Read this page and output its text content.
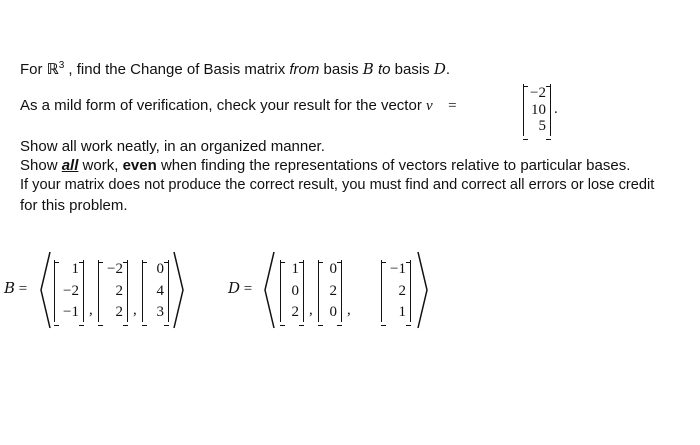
For ℝ$^3$ , find the Change of Basis matrix from basis B to basis D.
As a mild form of verification, check your result for the vector v⃗ =
−2
10
5
.
Show all work neatly, in an organized manner.
Show all work, even when finding the representations of vectors relative to particular bases.
If your matrix does not produce the correct result, you must find and correct all errors or lose credit
for this problem.
B =
1
−2
−1 ,
−2
2
2 ,
0
4
3
D =
1
0
2 ,
0
2
0 ,
−1
2
1
